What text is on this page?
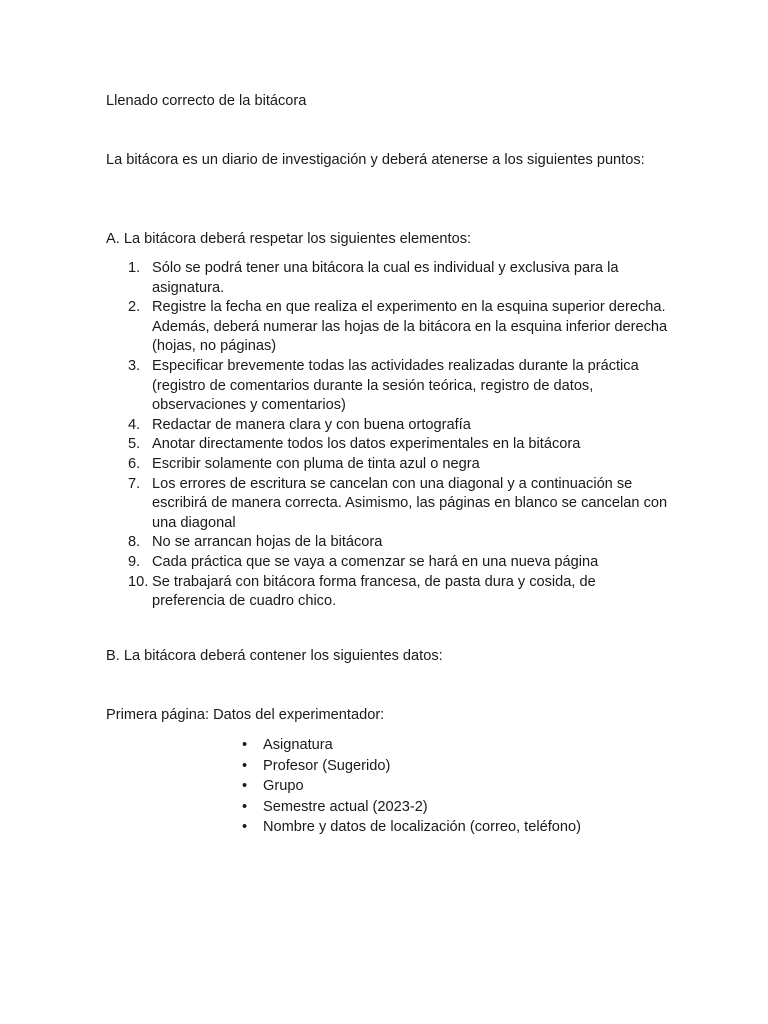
Llenado correcto de la bitácora

La bitácora es un diario de investigación y deberá atenerse a los siguientes puntos:

A. La bitácora deberá respetar los siguientes elementos:

1. Sólo se podrá tener una bitácora la cual es individual y exclusiva para la asignatura.
2. Registre la fecha en que realiza el experimento en la esquina superior derecha. Además, deberá numerar las hojas de la bitácora en la esquina inferior derecha (hojas, no páginas)
3. Especificar brevemente todas las actividades realizadas durante la práctica (registro de comentarios durante la sesión teórica, registro de datos, observaciones y comentarios)
4. Redactar de manera clara y con buena ortografía
5. Anotar directamente todos los datos experimentales en la bitácora
6. Escribir solamente con pluma de tinta azul o negra
7. Los errores de escritura se cancelan con una diagonal y a continuación se escribirá de manera correcta. Asimismo, las páginas en blanco se cancelan con una diagonal
8. No se arrancan hojas de la bitácora
9. Cada práctica que se vaya a comenzar se hará en una nueva página
10. Se trabajará con bitácora forma francesa, de pasta dura y cosida, de preferencia de cuadro chico.

B. La bitácora deberá contener los siguientes datos:

Primera página: Datos del experimentador:

• Asignatura
• Profesor (Sugerido)
• Grupo
• Semestre actual (2023-2)
• Nombre y datos de localización (correo, teléfono)
